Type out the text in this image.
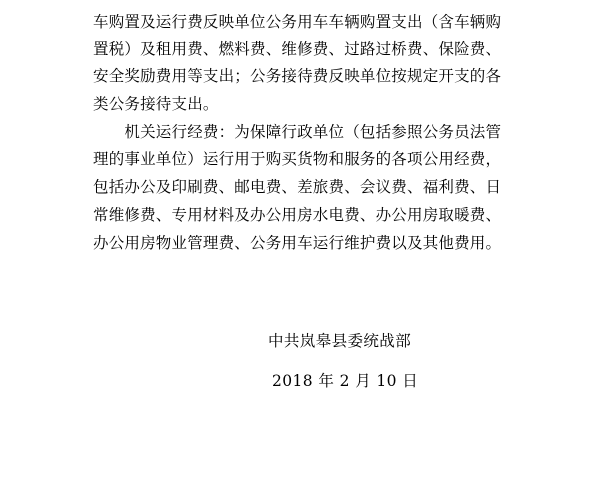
车购置及运行费反映单位公务用车车辆购置支出（含车辆购
置税）及租用费、燃料费、维修费、过路过桥费、保险费、
安全奖励费用等支出；公务接待费反映单位按规定开支的各
类公务接待支出。
　　机关运行经费：为保障行政单位（包括参照公务员法管
理的事业单位）运行用于购买货物和服务的各项公用经费，
包括办公及印刷费、邮电费、差旅费、会议费、福利费、日
常维修费、专用材料及办公用房水电费、办公用房取暖费、
办公用房物业管理费、公务用车运行维护费以及其他费用。
中共岚皋县委统战部
2018 年 2 月 10 日
